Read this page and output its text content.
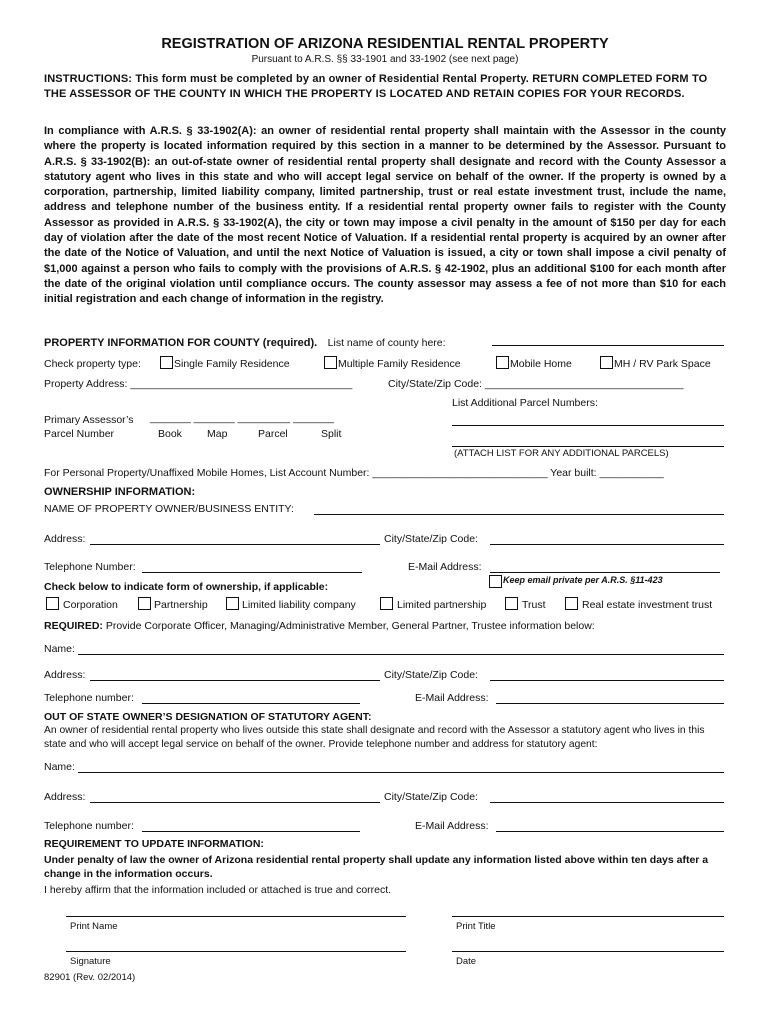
REGISTRATION OF ARIZONA RESIDENTIAL RENTAL PROPERTY
Pursuant to A.R.S. §§ 33-1901 and 33-1902 (see next page)
INSTRUCTIONS: This form must be completed by an owner of Residential Rental Property. RETURN COMPLETED FORM TO THE ASSESSOR OF THE COUNTY IN WHICH THE PROPERTY IS LOCATED AND RETAIN COPIES FOR YOUR RECORDS.
In compliance with A.R.S. § 33-1902(A): an owner of residential rental property shall maintain with the Assessor in the county where the property is located information required by this section in a manner to be determined by the Assessor. Pursuant to A.R.S. § 33-1902(B): an out-of-state owner of residential rental property shall designate and record with the County Assessor a statutory agent who lives in this state and who will accept legal service on behalf of the owner. If the property is owned by a corporation, partnership, limited liability company, limited partnership, trust or real estate investment trust, include the name, address and telephone number of the business entity. If a residential rental property owner fails to register with the County Assessor as provided in A.R.S. § 33-1902(A), the city or town may impose a civil penalty in the amount of $150 per day for each day of violation after the date of the most recent Notice of Valuation. If a residential rental property is acquired by an owner after the date of the Notice of Valuation, and until the next Notice of Valuation is issued, a city or town shall impose a civil penalty of $1,000 against a person who fails to comply with the provisions of A.R.S. § 42-1902, plus an additional $100 for each month after the date of the original violation until compliance occurs. The county assessor may assess a fee of not more than $10 for each initial registration and each change of information in the registry.
PROPERTY INFORMATION FOR COUNTY (required). List name of county here:
Check property type:	Single Family Residence	Multiple Family Residence	Mobile Home	MH / RV Park Space
Property Address: ______________________________________	City/State/Zip Code: __________________________________
List Additional Parcel Numbers:
(ATTACH LIST FOR ANY ADDITIONAL PARCELS)
Primary Assessor’s
Parcel Number
_______ _______ _________ _______
Book Map	Parcel	Split
For Personal Property/Unaffixed Mobile Homes, List Account Number: ______________________________ Year built: ___________
OWNERSHIP INFORMATION:
NAME OF PROPERTY OWNER/BUSINESS ENTITY:
Address:	City/State/Zip Code:
Telephone Number:	E-Mail Address:
Keep email private per A.R.S. §11-423
Check below to indicate form of ownership, if applicable:
Corporation	Partnership	Limited liability company	Limited partnership	Trust	Real estate investment trust
REQUIRED: Provide Corporate Officer, Managing/Administrative Member, General Partner, Trustee information below:
Name:
Address:	City/State/Zip Code:
Telephone number:	E-Mail Address:
OUT OF STATE OWNER’S DESIGNATION OF STATUTORY AGENT:
An owner of residential rental property who lives outside this state shall designate and record with the Assessor a statutory agent who lives in this state and who will accept legal service on behalf of the owner. Provide telephone number and address for statutory agent:
Name:
Address:	City/State/Zip Code:
Telephone number:	E-Mail Address:
REQUIREMENT TO UPDATE INFORMATION:
Under penalty of law the owner of Arizona residential rental property shall update any information listed above within ten days after a change in the information occurs.
I hereby affirm that the information included or attached is true and correct.
Print Name	Print Title
Signature	Date
82901 (Rev. 02/2014)
